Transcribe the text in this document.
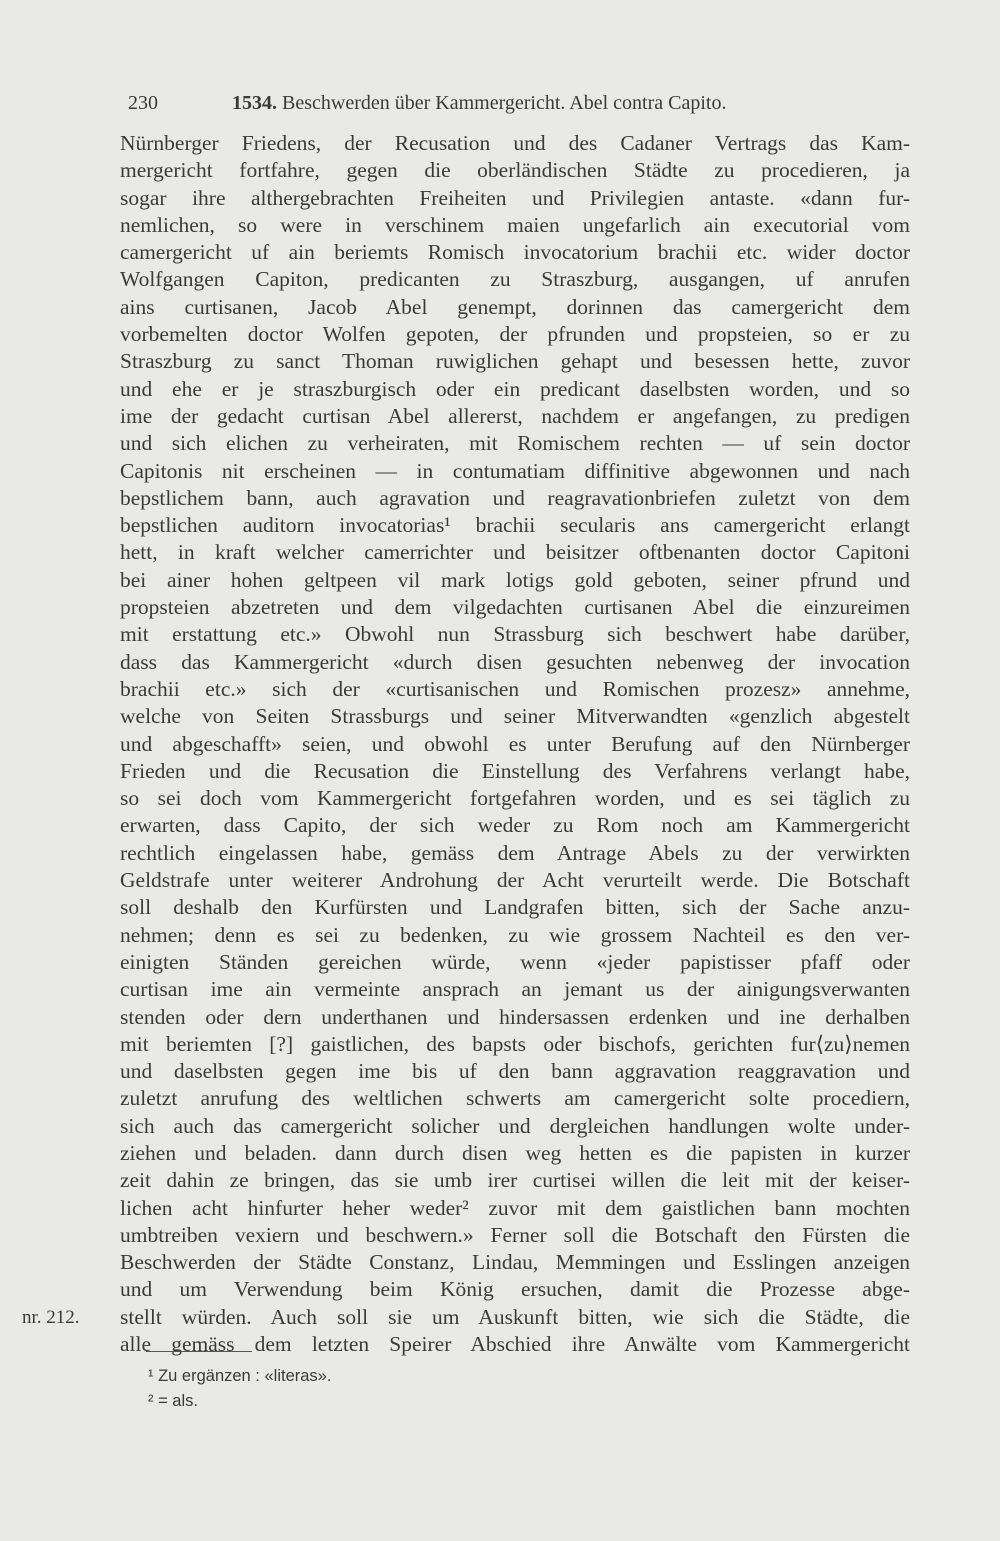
230	1534. Beschwerden über Kammergericht. Abel contra Capito.
Nürnberger Friedens, der Recusation und des Cadaner Vertrags das Kam-
mergericht fortfahre, gegen die oberländischen Städte zu procedieren, ja
sogar ihre althergebrachten Freiheiten und Privilegien antaste. «dann fur-
nemlichen, so were in verschinem maien ungefarlich ain executorial vom
camergericht uf ain beriemts Romisch invocatorium brachii etc. wider doctor
Wolfgangen Capiton, predicanten zu Straszburg, ausgangen, uf anrufen
ains curtisanen, Jacob Abel genempt, dorinnen das camergericht dem
vorbemelten doctor Wolfen gepoten, der pfrunden und propsteien, so er zu
Straszburg zu sanct Thoman ruwiglichen gehapt und besessen hette, zuvor
und ehe er je straszburgisch oder ein predicant daselbsten worden, und so
ime der gedacht curtisan Abel allererst, nachdem er angefangen, zu predigen
und sich elichen zu verheiraten, mit Romischem rechten — uf sein doctor
Capitonis nit erscheinen — in contumatiam diffinitive abgewonnen und nach
bepstlichem bann, auch agravation und reagravationbriefen zuletzt von dem
bepstlichen auditorn invocatorias¹ brachii secularis ans camergericht erlangt
hett, in kraft welcher camerrichter und beisitzer oftbenanten doctor Capitoni
bei ainer hohen geltpeen vil mark lotigs gold geboten, seiner pfrund und
propsteien abzetreten und dem vilgedachten curtisanen Abel die einzureimen
mit erstattung etc.» Obwohl nun Strassburg sich beschwert habe darüber,
dass das Kammergericht «durch disen gesuchten nebenweg der invocation
brachii etc.» sich der «curtisanischen und Romischen prozesz» annehme,
welche von Seiten Strassburgs und seiner Mitverwandten «genzlich abgestelt
und abgeschafft» seien, und obwohl es unter Berufung auf den Nürnberger
Frieden und die Recusation die Einstellung des Verfahrens verlangt habe,
so sei doch vom Kammergericht fortgefahren worden, und es sei täglich zu
erwarten, dass Capito, der sich weder zu Rom noch am Kammergericht
rechtlich eingelassen habe, gemäss dem Antrage Abels zu der verwirkten
Geldstrafe unter weiterer Androhung der Acht verurteilt werde. Die Botschaft
soll deshalb den Kurfürsten und Landgrafen bitten, sich der Sache anzu-
nehmen; denn es sei zu bedenken, zu wie grossem Nachteil es den ver-
einigten Ständen gereichen würde, wenn «jeder papistisser pfaff oder
curtisan ime ain vermeinte ansprach an jemant us der ainigungsverwanten
stenden oder dern underthanen und hindersassen erdenken und ine derhalben
mit beriemten [?] gaistlichen, des bapsts oder bischofs, gerichten fur⟨zu⟩nemen
und daselbsten gegen ime bis uf den bann aggravation reaggravation und
zuletzt anrufung des weltlichen schwerts am camergericht solte procediern,
sich auch das camergericht solicher und dergleichen handlungen wolte under-
ziehen und beladen. dann durch disen weg hetten es die papisten in kurzer
zeit dahin ze bringen, das sie umb irer curtisei willen die leit mit der keiser-
lichen acht hinfurter heher weder² zuvor mit dem gaistlichen bann mochten
umbtreiben vexiern und beschwern.» Ferner soll die Botschaft den Fürsten die
Beschwerden der Städte Constanz, Lindau, Memmingen und Esslingen anzeigen
und um Verwendung beim König ersuchen, damit die Prozesse abge-
stellt würden. Auch soll sie um Auskunft bitten, wie sich die Städte, die
alle gemäss dem letzten Speirer Abschied ihre Anwälte vom Kammergericht
nr. 212.
¹ Zu ergänzen : «literas».
² = als.
